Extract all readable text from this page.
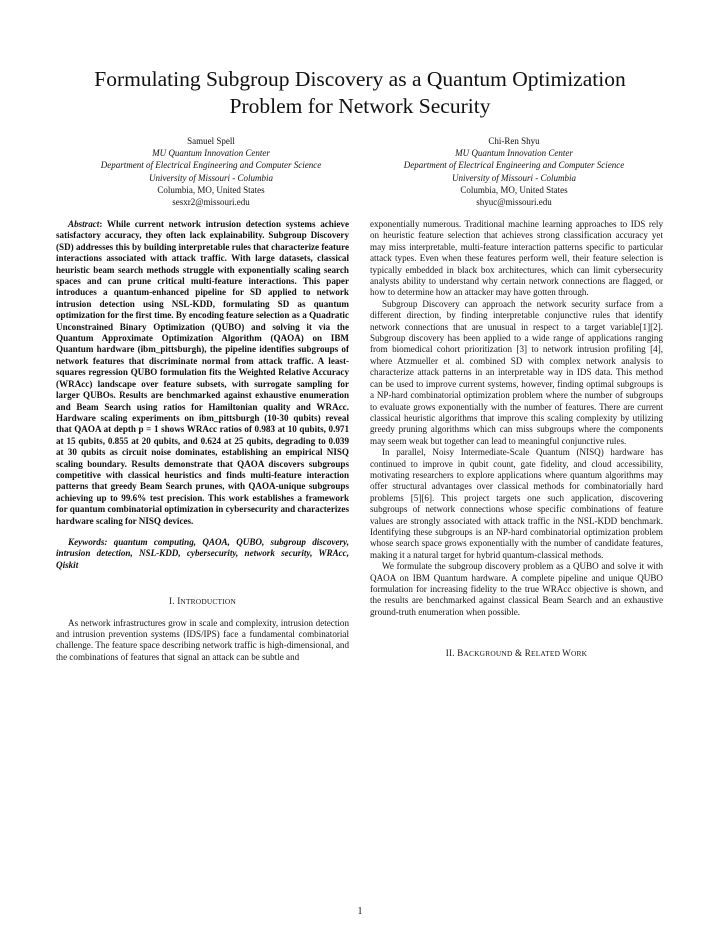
Formulating Subgroup Discovery as a Quantum Optimization
Problem for Network Security
Samuel Spell
MU Quantum Innovation Center
Department of Electrical Engineering and Computer Science
University of Missouri - Columbia
Columbia, MO, United States
sesxr2@missouri.edu
Chi-Ren Shyu
MU Quantum Innovation Center
Department of Electrical Engineering and Computer Science
University of Missouri - Columbia
Columbia, MO, United States
shyuc@missouri.edu

Abstract: While current network intrusion detection systems achieve satisfactory accuracy, they often lack explainability. Subgroup Discovery (SD) addresses this by building interpretable rules that characterize feature interactions associated with attack traffic. With large datasets, classical heuristic beam search methods struggle with exponentially scaling search spaces and can prune critical multi-feature interactions. This paper introduces a quantum-enhanced pipeline for SD applied to network intrusion detection using NSL-KDD, formulating SD as quantum optimization for the first time. By encoding feature selection as a Quadratic Unconstrained Binary Optimization (QUBO) and solving it via the Quantum Approximate Optimization Algorithm (QAOA) on IBM Quantum hardware (ibm_pittsburgh), the pipeline identifies subgroups of network features that discriminate normal from attack traffic. A least-squares regression QUBO formulation fits the Weighted Relative Accuracy (WRAcc) landscape over feature subsets, with surrogate sampling for larger QUBOs. Results are benchmarked against exhaustive enumeration and Beam Search using ratios for Hamiltonian quality and WRAcc. Hardware scaling experiments on ibm_pittsburgh (10-30 qubits) reveal that QAOA at depth p = 1 shows WRAcc ratios of 0.983 at 10 qubits, 0.971 at 15 qubits, 0.855 at 20 qubits, and 0.624 at 25 qubits, degrading to 0.039 at 30 qubits as circuit noise dominates, establishing an empirical NISQ scaling boundary. Results demonstrate that QAOA discovers subgroups competitive with classical heuristics and finds multi-feature interaction patterns that greedy Beam Search prunes, with QAOA-unique subgroups achieving up to 99.6% test precision. This work establishes a framework for quantum combinatorial optimization in cybersecurity and characterizes hardware scaling for NISQ devices.

Keywords: quantum computing, QAOA, QUBO, subgroup discovery, intrusion detection, NSL-KDD, cybersecurity, network security, WRAcc, Qiskit

I. INTRODUCTION

As network infrastructures grow in scale and complexity, intrusion detection and intrusion prevention systems (IDS/IPS) face a fundamental combinatorial challenge. The feature space describing network traffic is high-dimensional, and the combinations of features that signal an attack can be subtle and

exponentially numerous. Traditional machine learning approaches to IDS rely on heuristic feature selection that achieves strong classification accuracy yet may miss interpretable, multi-feature interaction patterns specific to particular attack types. Even when these features perform well, their feature selection is typically embedded in black box architectures, which can limit cybersecurity analysts ability to understand why certain network connections are flagged, or how to determine how an attacker may have gotten through.

Subgroup Discovery can approach the network security surface from a different direction, by finding interpretable conjunctive rules that identify network connections that are unusual in respect to a target variable[1][2]. Subgroup discovery has been applied to a wide range of applications ranging from biomedical cohort prioritization [3] to network intrusion profiling [4], where Atzmueller et al. combined SD with complex network analysis to characterize attack patterns in an interpretable way in IDS data. This method can be used to improve current systems, however, finding optimal subgroups is a NP-hard combinatorial optimization problem where the number of subgroups to evaluate grows exponentially with the number of features. There are current classical heuristic algorithms that improve this scaling complexity by utilizing greedy pruning algorithms which can miss subgroups where the components may seem weak but together can lead to meaningful conjunctive rules.

In parallel, Noisy Intermediate-Scale Quantum (NISQ) hardware has continued to improve in qubit count, gate fidelity, and cloud accessibility, motivating researchers to explore applications where quantum algorithms may offer structural advantages over classical methods for combinatorially hard problems [5][6]. This project targets one such application, discovering subgroups of network connections whose specific combinations of feature values are strongly associated with attack traffic in the NSL-KDD benchmark. Identifying these subgroups is an NP-hard combinatorial optimization problem whose search space grows exponentially with the number of candidate features, making it a natural target for hybrid quantum-classical methods.

We formulate the subgroup discovery problem as a QUBO and solve it with QAOA on IBM Quantum hardware. A complete pipeline and unique QUBO formulation for increasing fidelity to the true WRAcc objective is shown, and the results are benchmarked against classical Beam Search and an exhaustive ground-truth enumeration when possible.

II. BACKGROUND & RELATED WORK
1
